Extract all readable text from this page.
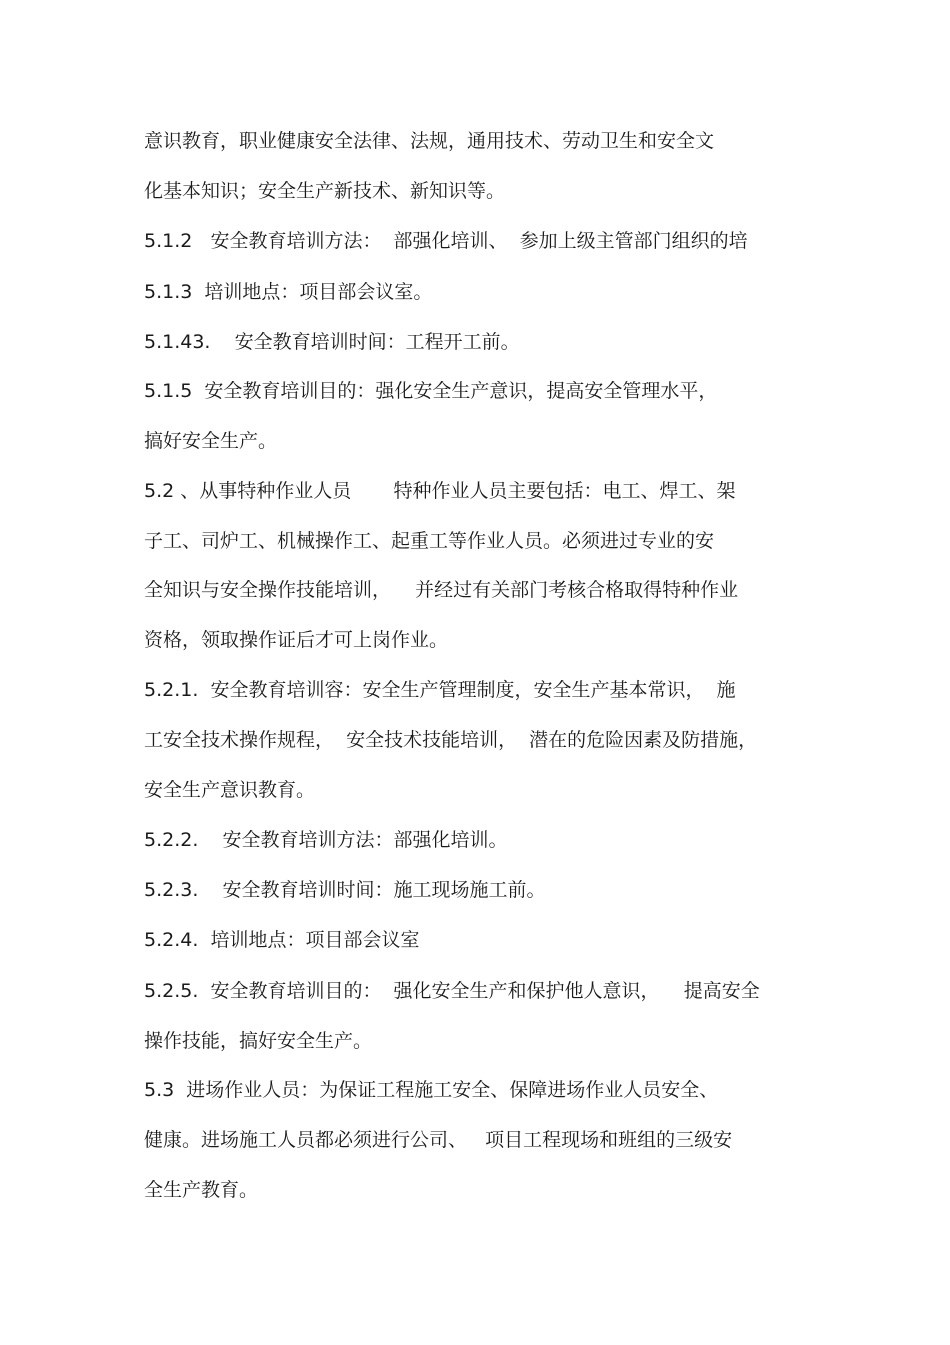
意识教育，职业健康安全法律、法规，通用技术、劳动卫生和安全文
化基本知识；安全生产新技术、新知识等。
5.1.2   安全教育培训方法：  部强化培训、  参加上级主管部门组织的培
5.1.3  培训地点：项目部会议室。
5.1.43.    安全教育培训时间：工程开工前。
5.1.5  安全教育培训目的：强化安全生产意识，提高安全管理水平，
搞好安全生产。
5.2 、从事特种作业人员       特种作业人员主要包括：电工、焊工、架
子工、司炉工、机械操作工、起重工等作业人员。必须进过专业的安
全知识与安全操作技能培训，    并经过有关部门考核合格取得特种作业
资格，领取操作证后才可上岗作业。
5.2.1.  安全教育培训容：安全生产管理制度，安全生产基本常识，  施
工安全技术操作规程，  安全技术技能培训，  潜在的危险因素及防措施，
安全生产意识教育。
5.2.2.    安全教育培训方法：部强化培训。
5.2.3.    安全教育培训时间：施工现场施工前。
5.2.4.  培训地点：项目部会议室
5.2.5.  安全教育培训目的：  强化安全生产和保护他人意识，    提高安全
操作技能，搞好安全生产。
5.3  进场作业人员：为保证工程施工安全、保障进场作业人员安全、
健康。进场施工人员都必须进行公司、   项目工程现场和班组的三级安
全生产教育。
